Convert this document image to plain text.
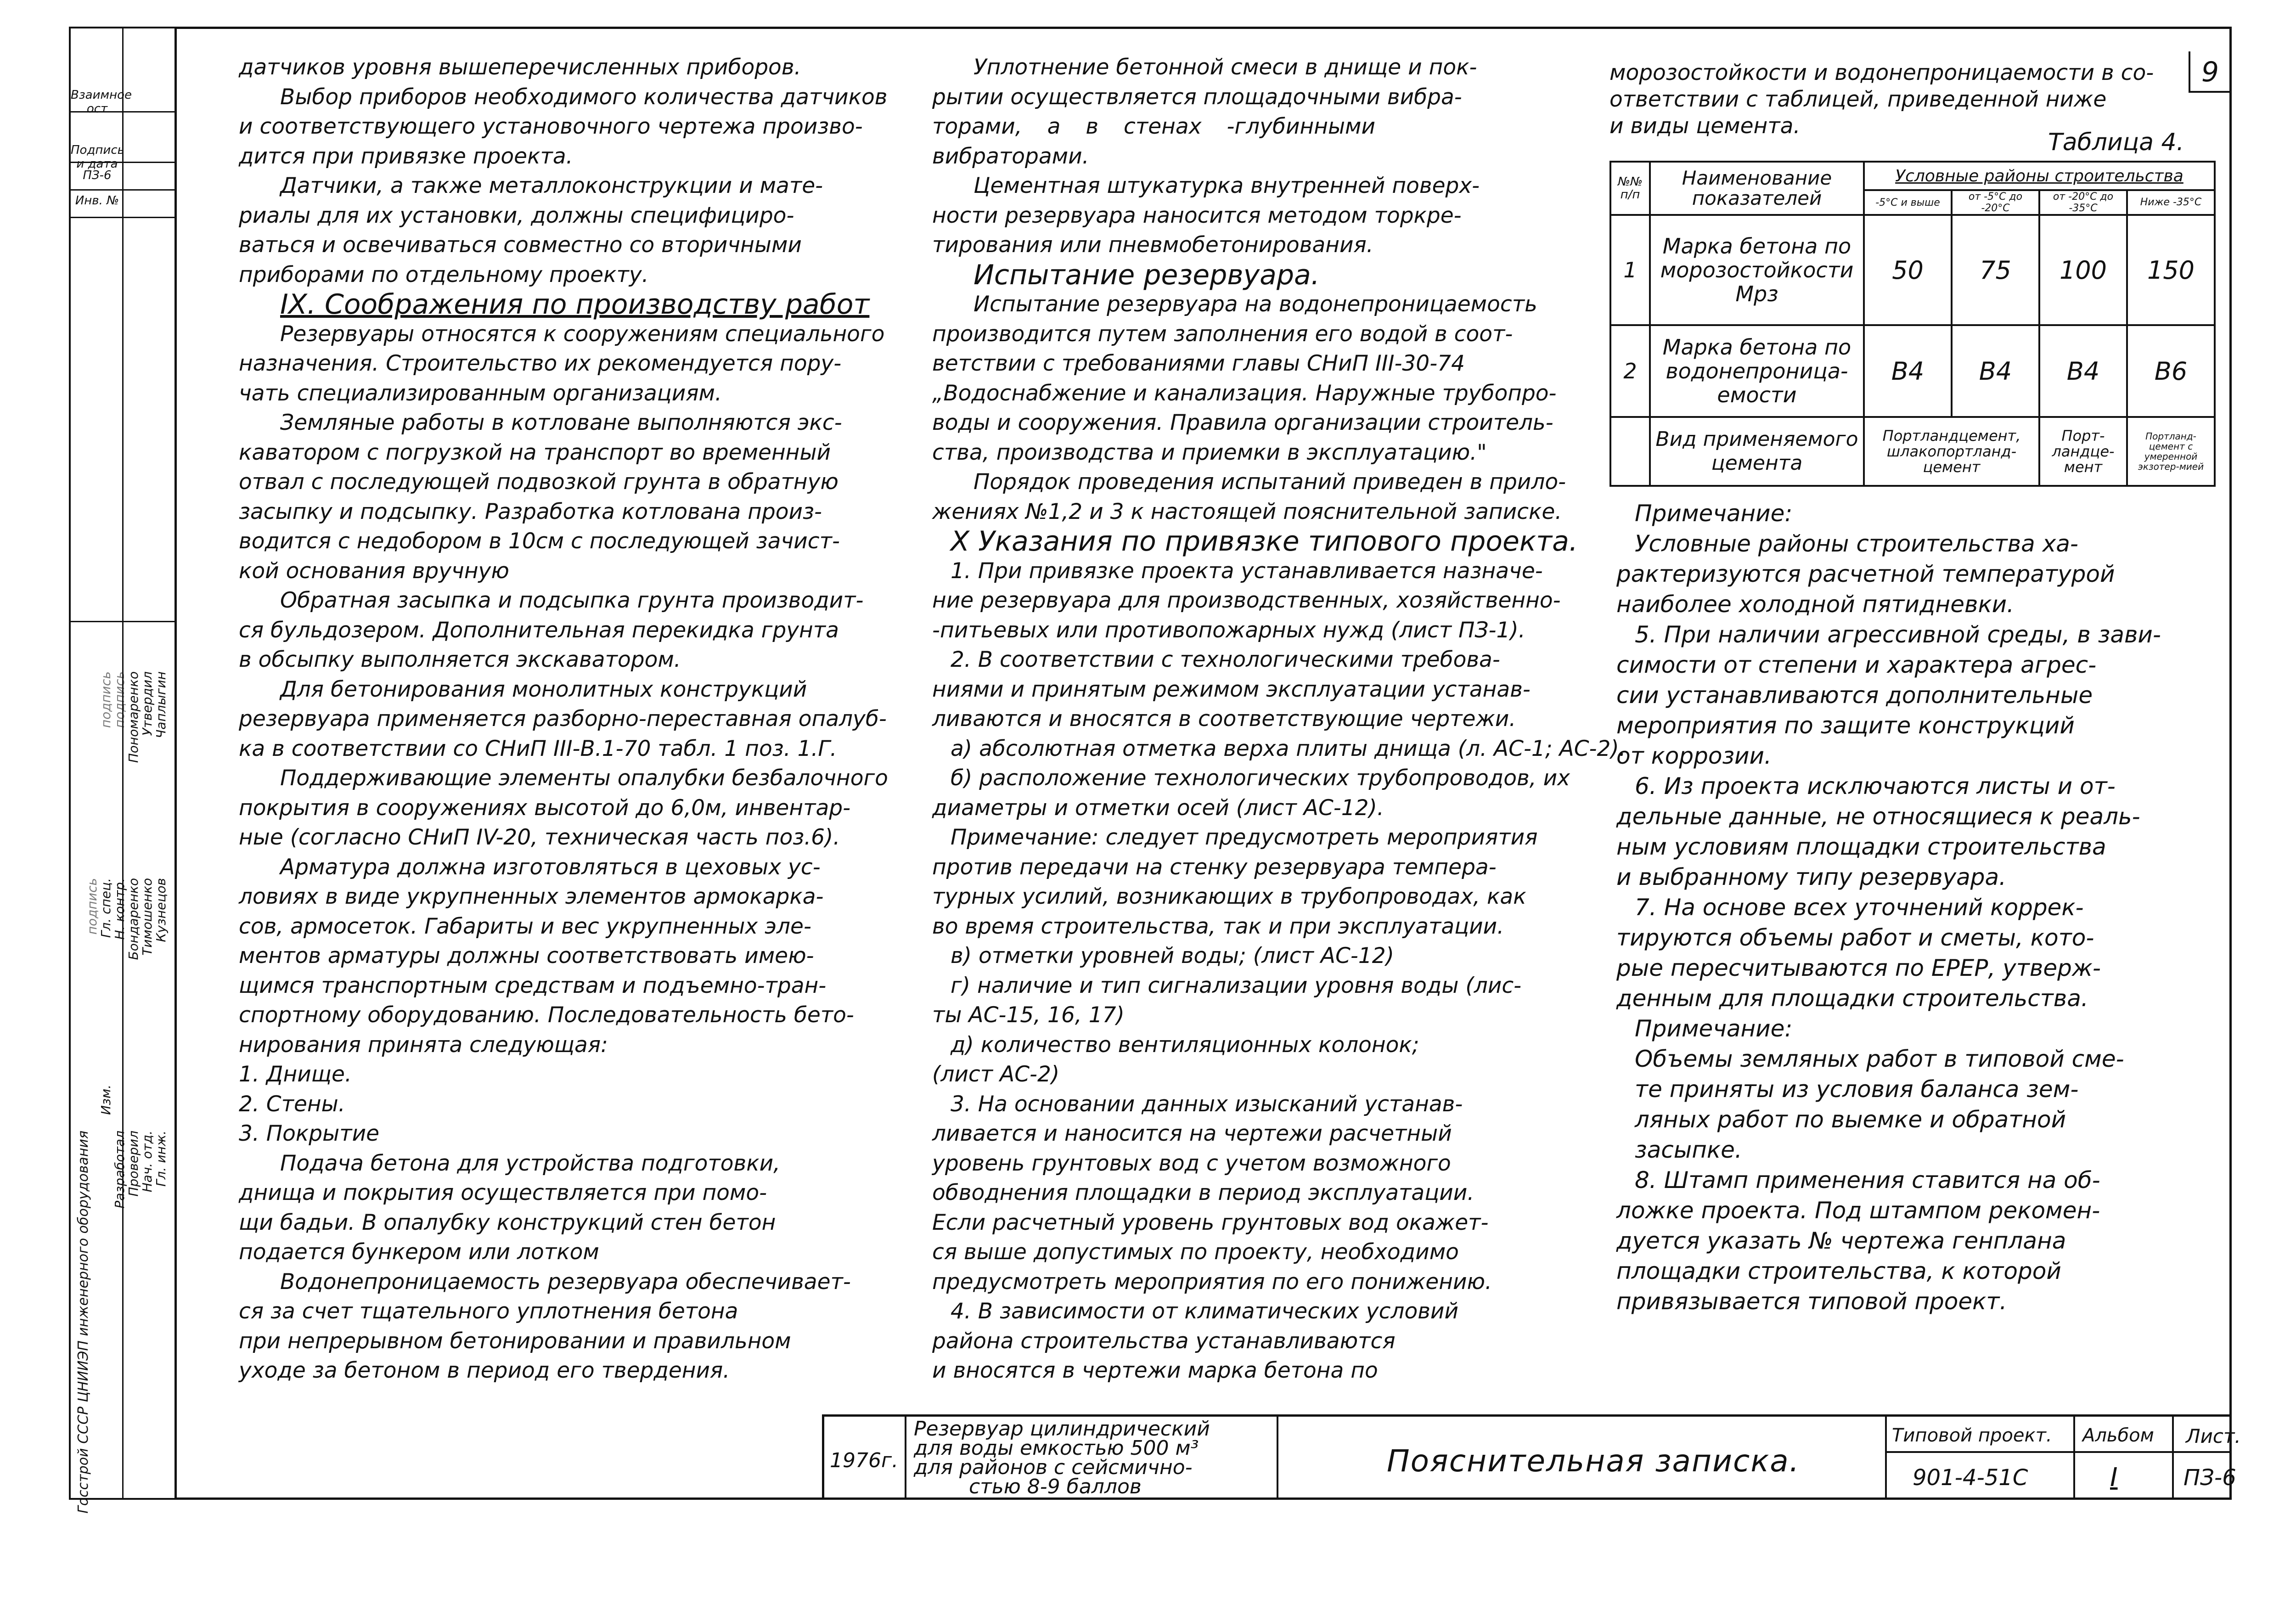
Взаимное ост
Подпись и дата
ПЗ-6
Инв. №
Госстрой СССР ЦНИИЭП инженерного оборудования
Изм.
Разработал
Проверил
Нач. отд.
Гл. инж.
Гл. спец.
Н. контр.
Утвердил
Бондаренко
Тимошенко
Кузнецов
Пономаренко Чаплыгин
подпись
подпись
подпись
9

датчиков уровня вышеперечисленных приборов.

Выбор приборов необходимого количества датчиков

и соответствующего установочного чертежа произво-

дится при привязке проекта.

Датчики, а также металлоконструкции и мате-

риалы для их установки, должны специфициро-

ваться и освечиваться совместно со вторичными

приборами по отдельному проекту.

IX. Соображения по производству работ

Резервуары относятся к сооружениям специального

назначения. Строительство их рекомендуется пору-

чать специализированным организациям.

Земляные работы в котловане выполняются экс-

каватором с погрузкой на транспорт во временный

отвал с последующей подвозкой грунта в обратную

засыпку и подсыпку. Разработка котлована произ-

водится с недобором в 10см с последующей зачист-

кой основания вручную

Обратная засыпка и подсыпка грунта производит-

ся бульдозером. Дополнительная перекидка грунта

в обсыпку выполняется экскаватором.

Для бетонирования монолитных конструкций

резервуара применяется разборно-переставная опалуб-

ка в соответствии со СНиП III-В.1-70 табл. 1 поз. 1.Г.

Поддерживающие элементы опалубки безбалочного

покрытия в сооружениях высотой до 6,0м, инвентар-

ные (согласно СНиП IV-20, техническая часть поз.6).

Арматура должна изготовляться в цеховых ус-

ловиях в виде укрупненных элементов армокарка-

сов, армосеток. Габариты и вес укрупненных эле-

ментов арматуры должны соответствовать имею-

щимся транспортным средствам и подъемно-тран-

спортному оборудованию. Последовательность бето-

нирования принята следующая:

1. Днище.

2. Стены.

3. Покрытие

Подача бетона для устройства подготовки,

днища и покрытия осуществляется при помо-

щи бадьи. В опалубку конструкций стен бетон

подается бункером или лотком

Водонепроницаемость резервуара обеспечивает-

ся за счет тщательного уплотнения бетона

при непрерывном бетонировании и правильном

уходе за бетоном в период его твердения.

Уплотнение бетонной смеси в днище и пок-

рытии осуществляется площадочными вибра-

торами, а в стенах -глубинными

вибраторами.

Цементная штукатурка внутренней поверх-

ности резервуара наносится методом торкре-

тирования или пневмобетонирования.

Испытание резервуара.

Испытание резервуара на водонепроницаемость

производится путем заполнения его водой в соот-

ветствии с требованиями главы СНиП III-30-74

„Водоснабжение и канализация. Наружные трубопро-

воды и сооружения. Правила организации строитель-

ства, производства и приемки в эксплуатацию."

Порядок проведения испытаний приведен в прило-

жениях №1,2 и 3 к настоящей пояснительной записке.

X Указания по привязке типового проекта.

1. При привязке проекта устанавливается назначе-

ние резервуара для производственных, хозяйственно-

-питьевых или противопожарных нужд (лист ПЗ-1).

2. В соответствии с технологическими требова-

ниями и принятым режимом эксплуатации устанав-

ливаются и вносятся в соответствующие чертежи.

а) абсолютная отметка верха плиты днища (л. АС-1; АС-2).

б) расположение технологических трубопроводов, их

диаметры и отметки осей (лист АС-12).

Примечание: следует предусмотреть мероприятия

против передачи на стенку резервуара темпера-

турных усилий, возникающих в трубопроводах, как

во время строительства, так и при эксплуатации.

в) отметки уровней воды; (лист АС-12)

г) наличие и тип сигнализации уровня воды (лис-

ты АС-15, 16, 17)

д) количество вентиляционных колонок;

(лист АС-2)

3. На основании данных изысканий устанав-

ливается и наносится на чертежи расчетный

уровень грунтовых вод с учетом возможного

обводнения площадки в период эксплуатации.

Если расчетный уровень грунтовых вод окажет-

ся выше допустимых по проекту, необходимо

предусмотреть мероприятия по его понижению.

4. В зависимости от климатических условий

района строительства устанавливаются

и вносятся в чертежи марка бетона по

морозостойкости и водонепроницаемости в со-

ответствии с таблицей, приведенной ниже

и виды цемента.

Таблица 4.
№№ п/п	Наименование показателей	Условные районы строительства			
		-5°С и выше	от -5°С до -20°С	от -20°С до -35°С	Ниже -35°С
1	Марка бетона по морозостойкости Мрз	50	75	100	150
2	Марка бетона по водонепроница-емости	В4	В4	В4	В6
	Вид применяемого цемента	Портландцемент, шлакопортланд-цемент		Порт-ландце-мент	Портланд-цемент с умеренной экзотер-мией

Примечание:

Условные районы строительства ха-

рактеризуются расчетной температурой

наиболее холодной пятидневки.

5. При наличии агрессивной среды, в зави-

симости от степени и характера агрес-

сии устанавливаются дополнительные

мероприятия по защите конструкций

от коррозии.

6. Из проекта исключаются листы и от-

дельные данные, не относящиеся к реаль-

ным условиям площадки строительства

и выбранному типу резервуара.

7. На основе всех уточнений коррек-

тируются объемы работ и сметы, кото-

рые пересчитываются по ЕРЕР, утверж-

денным для площадки строительства.

Примечание:

Объемы земляных работ в типовой сме-

те приняты из условия баланса зем-

ляных работ по выемке и обратной

засыпке.

8. Штамп применения ставится на об-

ложке проекта. Под штампом рекомен-

дуется указать № чертежа генплана

площадки строительства, к которой

привязывается типовой проект.

1976г.
Резервуар цилиндрический
для воды емкостью 500 м³
для районов с сейсмично-
стью 8-9 баллов
Пояснительная записка.
Типовой проект.
901-4-51С
Альбом
I
Лист.
ПЗ-6
